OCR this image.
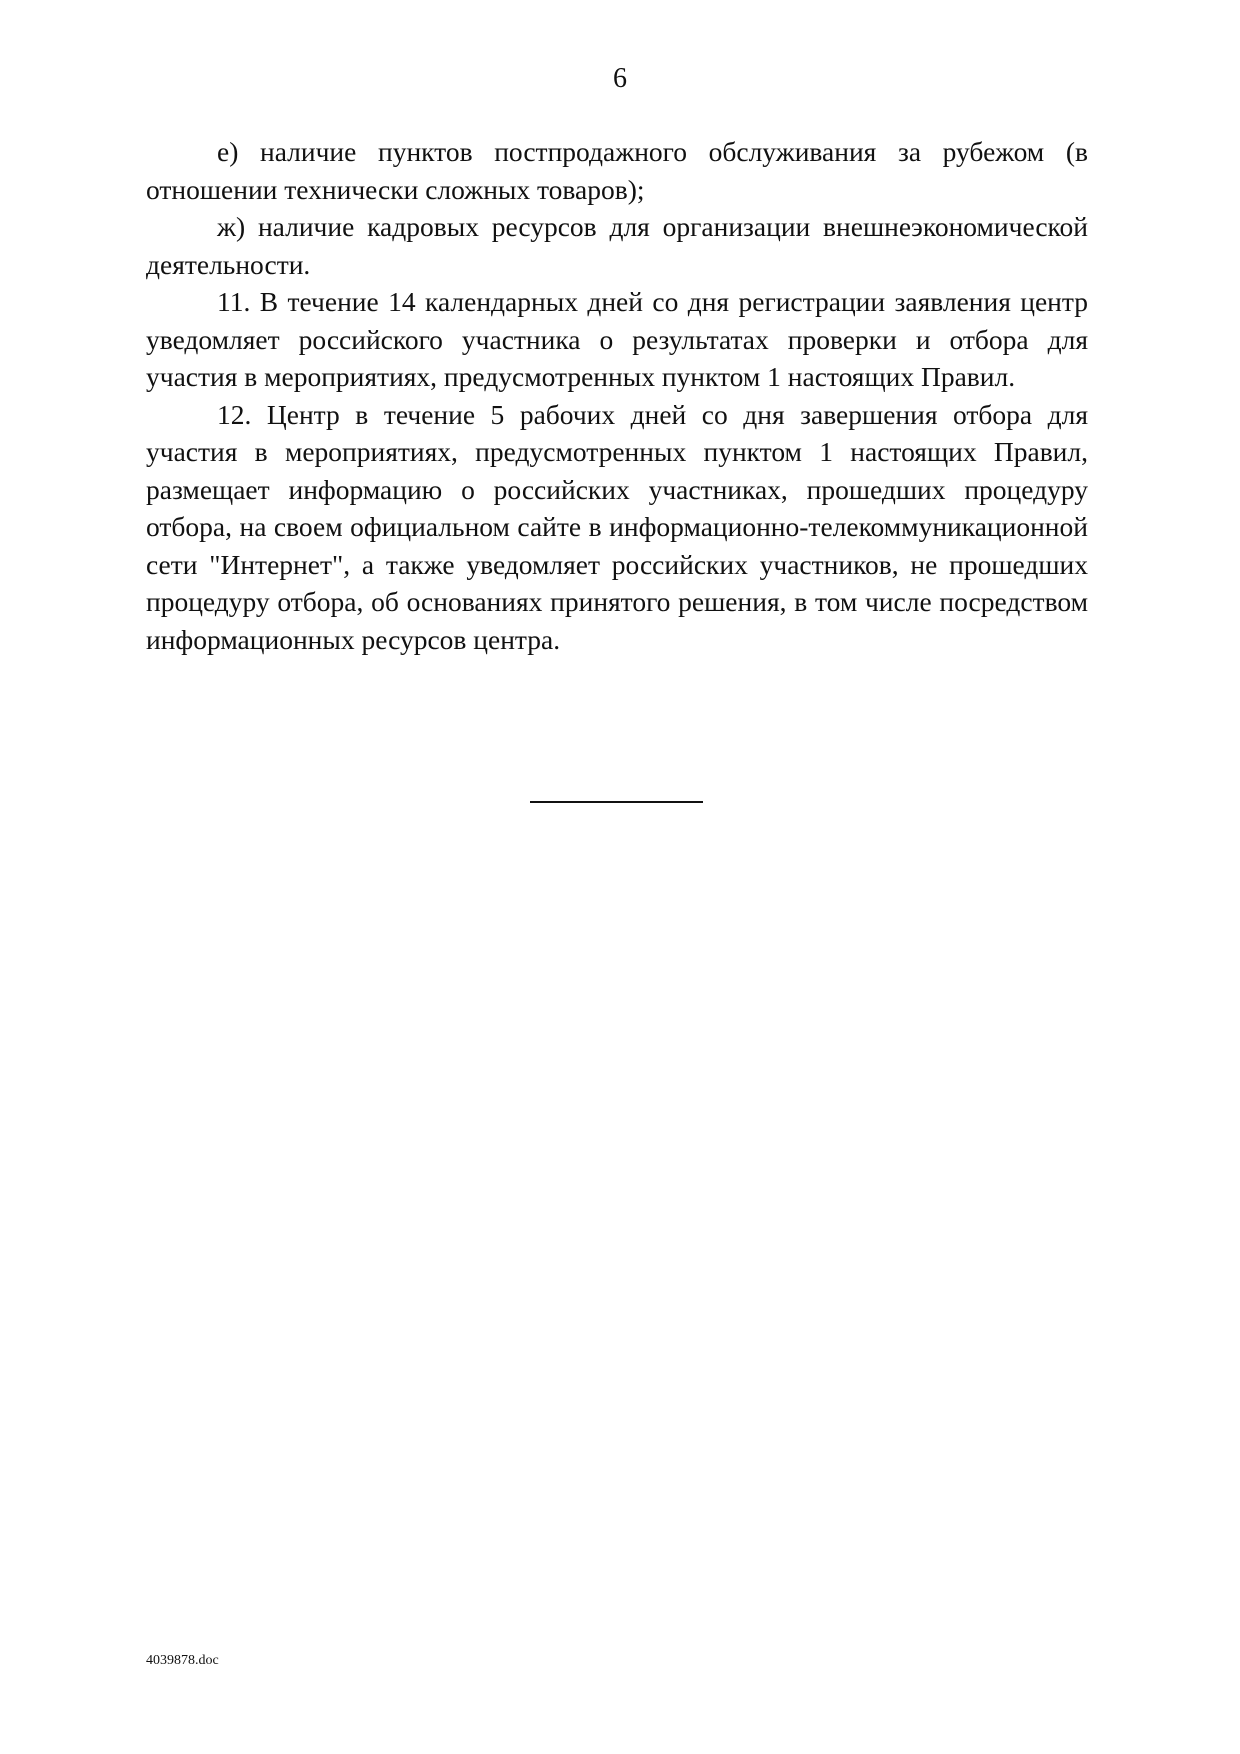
6

е) наличие пунктов постпродажного обслуживания за рубежом (в отношении технически сложных товаров);

ж) наличие кадровых ресурсов для организации внешнеэкономической деятельности.

11. В течение 14 календарных дней со дня регистрации заявления центр уведомляет российского участника о результатах проверки и отбора для участия в мероприятиях, предусмотренных пунктом 1 настоящих Правил.

12. Центр в течение 5 рабочих дней со дня завершения отбора для участия в мероприятиях, предусмотренных пунктом 1 настоящих Правил, размещает информацию о российских участниках, прошедших процедуру отбора, на своем официальном сайте в информационно-телекоммуникационной сети "Интернет", а также уведомляет российских участников, не прошедших процедуру отбора, об основаниях принятого решения, в том числе посредством информационных ресурсов центра.

4039878.doc
